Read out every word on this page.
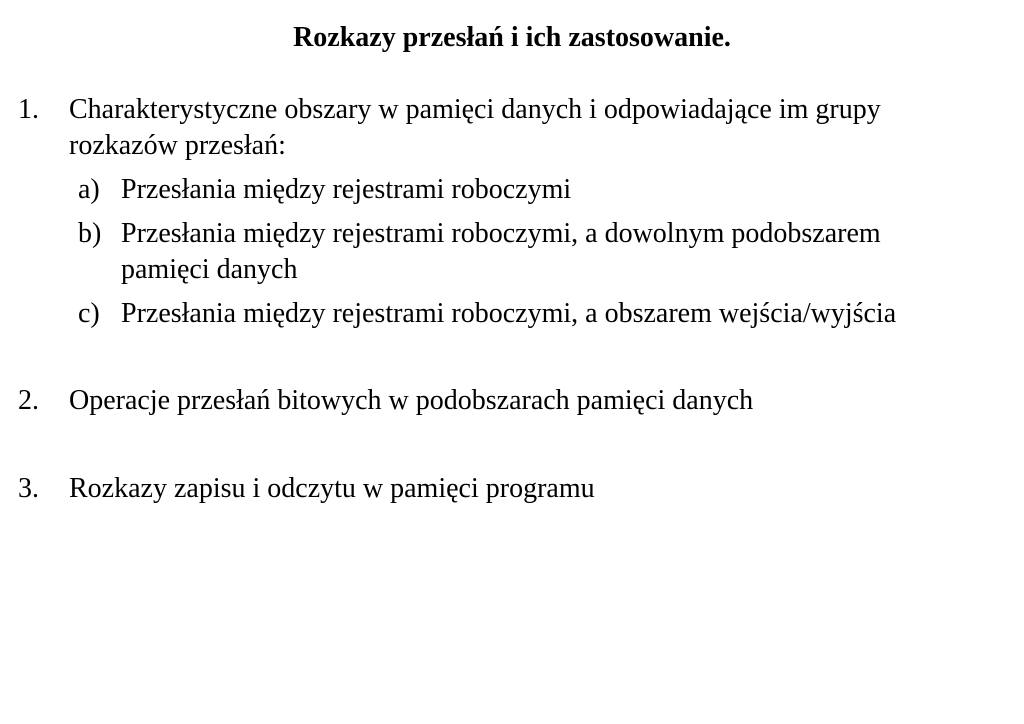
Rozkazy przesłań i ich zastosowanie.
1. Charakterystyczne obszary w pamięci danych i odpowiadające im grupy
rozkazów przesłań:
a) Przesłania między rejestrami roboczymi
b) Przesłania między rejestrami roboczymi, a dowolnym podobszarem
pamięci danych
c) Przesłania między rejestrami roboczymi, a obszarem wejścia/wyjścia
2. Operacje przesłań bitowych w podobszarach pamięci danych
3. Rozkazy zapisu i odczytu w pamięci programu
